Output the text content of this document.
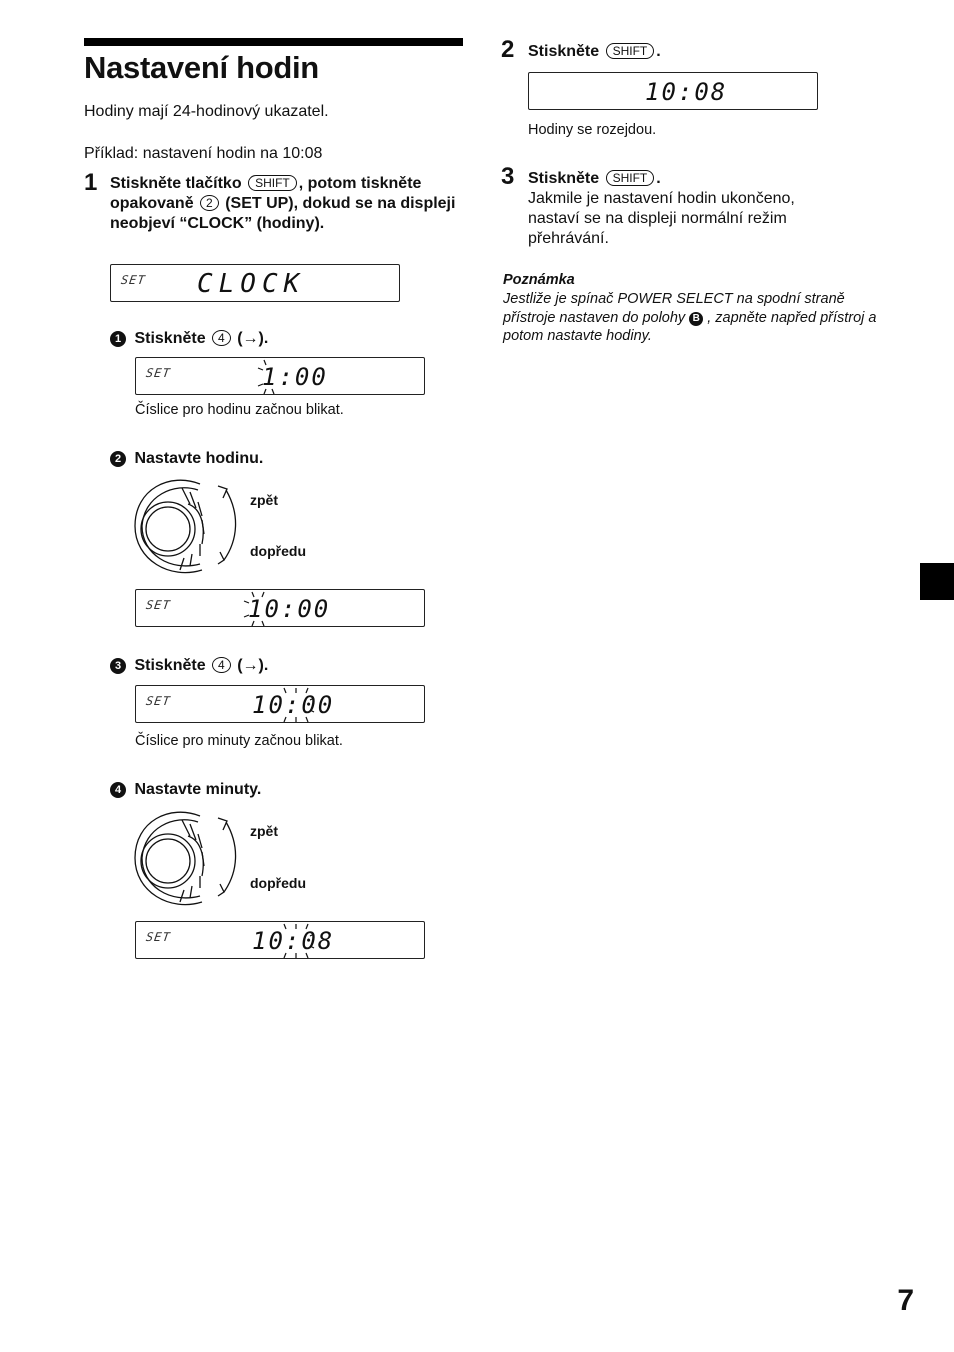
Nastavení hodin
Hodiny mají 24-hodinový ukazatel.
Příklad: nastavení hodin na 10:08
1 Stiskněte tlačítko SHIFT , potom tiskněte opakovaně 2 (SET UP), dokud se na displeji neobjeví “CLOCK” (hodiny).
SET CLOCK
1 Stiskněte 4 (→).
SET	1:00
Číslice pro hodinu začnou blikat.
2 Nastavte hodinu.
zpět
dopředu
SET	10:00
3 Stiskněte 4 (→).
SET	10:00
Číslice pro minuty začnou blikat.
4 Nastavte minuty.
zpět
dopředu
SET	10:08
2 Stiskněte SHIFT .
10:08
Hodiny se rozejdou.
3 Stiskněte SHIFT .
Jakmile je nastavení hodin ukončeno, nastaví se na displeji normální režim přehrávání.
Poznámka
Jestliže je spínač POWER SELECT na spodní straně přístroje nastaven do polohy B , zapněte napřed přístroj a potom nastavte hodiny.
7
